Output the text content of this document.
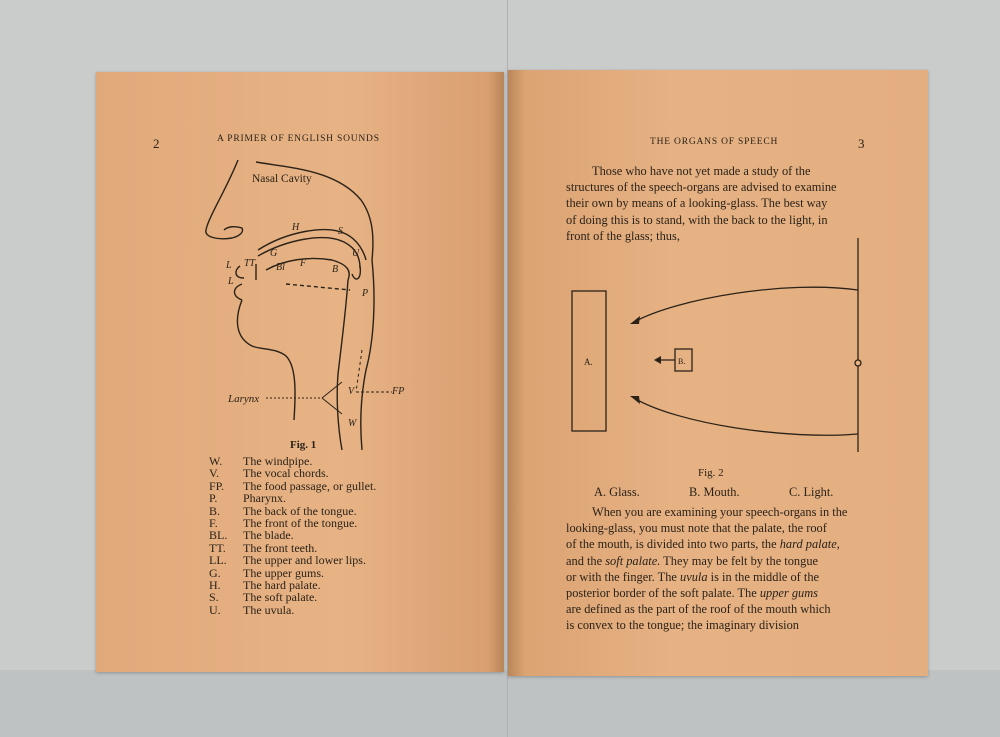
2	A PRIMER OF ENGLISH SOUNDS
Nasal Cavity
H	S
U
G
Bl F
B
P
L
L
TT
Larynx
V	FP
W
Fig. 1
W.	The windpipe.
V.	The vocal chords.
FP.	The food passage, or gullet.
P.	Pharynx.
B.	The back of the tongue.
F.	The front of the tongue.
BL.	The blade.
TT.	The front teeth.
LL.	The upper and lower lips.
G.	The upper gums.
H.	The hard palate.
S.	The soft palate.
U.	The uvula.
THE ORGANS OF SPEECH	3
Those who have not yet made a study of the
structures of the speech-organs are advised to examine
their own by means of a looking-glass. The best way
of doing this is to stand, with the back to the light, in
front of the glass; thus,
A.	B.
Fig. 2
A. Glass.	B. Mouth.	C. Light.
When you are examining your speech-organs in the
looking-glass, you must note that the palate, the roof
of the mouth, is divided into two parts, the hard palate,
and the soft palate. They may be felt by the tongue
or with the finger. The uvula is in the middle of the
posterior border of the soft palate. The upper gums
are defined as the part of the roof of the mouth which
is convex to the tongue; the imaginary division
